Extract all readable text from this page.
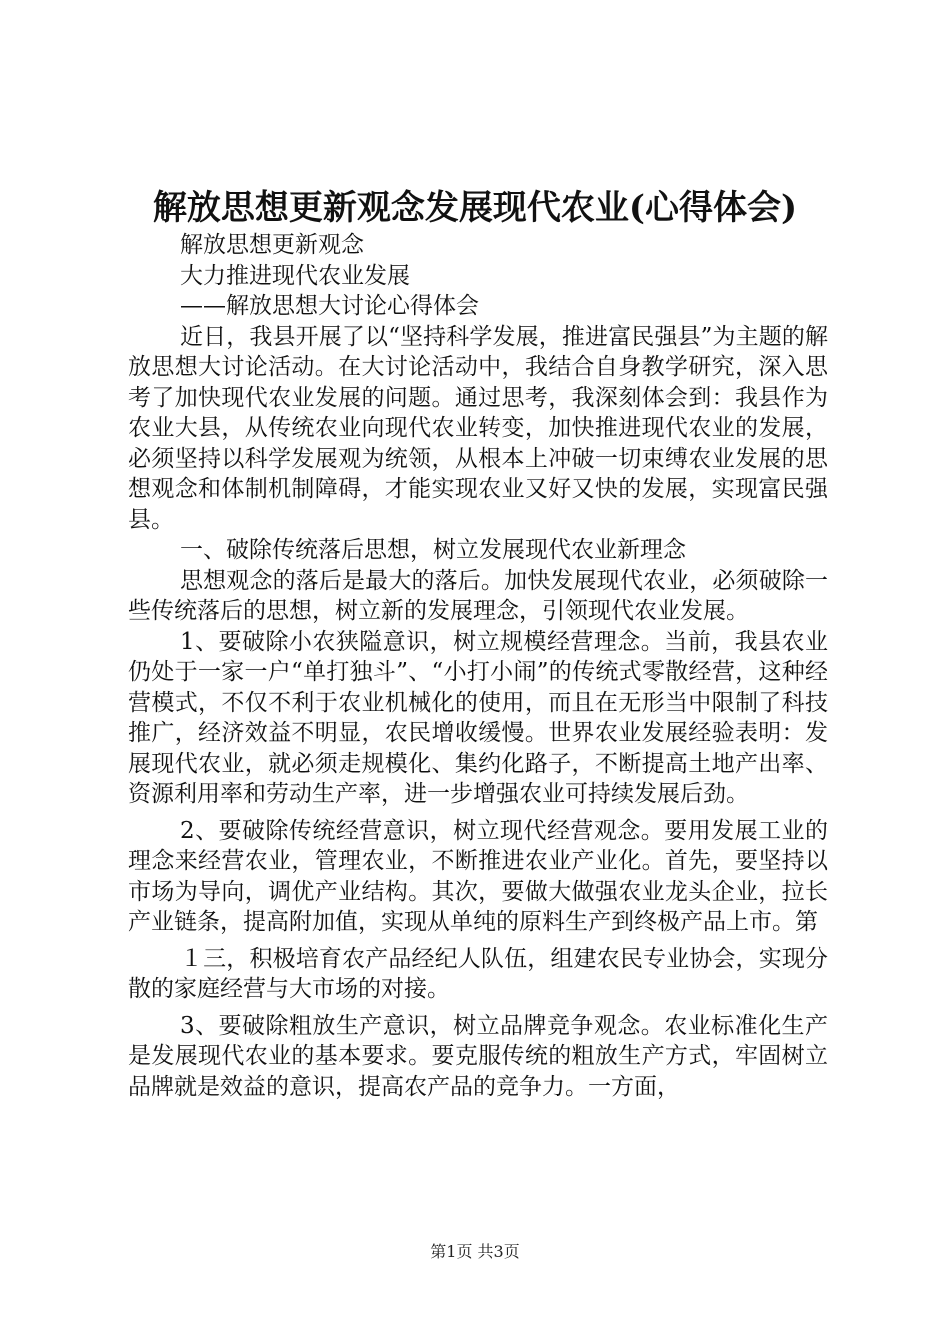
解放思想更新观念发展现代农业(心得体会)

解放思想更新观念

大力推进现代农业发展

——解放思想大讨论心得体会

近日，我县开展了以“坚持科学发展，推进富民强县”为主题的解放思想大讨论活动。在大讨论活动中，我结合自身教学研究，深入思考了加快现代农业发展的问题。通过思考，我深刻体会到：我县作为农业大县，从传统农业向现代农业转变，加快推进现代农业的发展，必须坚持以科学发展观为统领，从根本上冲破一切束缚农业发展的思想观念和体制机制障碍，才能实现农业又好又快的发展，实现富民强县。

一、破除传统落后思想，树立发展现代农业新理念

思想观念的落后是最大的落后。加快发展现代农业，必须破除一些传统落后的思想，树立新的发展理念，引领现代农业发展。

1、要破除小农狭隘意识，树立规模经营理念。当前，我县农业仍处于一家一户“单打独斗”、“小打小闹”的传统式零散经营，这种经营模式，不仅不利于农业机械化的使用，而且在无形当中限制了科技推广，经济效益不明显，农民增收缓慢。世界农业发展经验表明：发展现代农业，就必须走规模化、集约化路子，不断提高土地产出率、资源利用率和劳动生产率，进一步增强农业可持续发展后劲。

2、要破除传统经营意识，树立现代经营观念。要用发展工业的理念来经营农业，管理农业，不断推进农业产业化。首先，要坚持以市场为导向，调优产业结构。其次，要做大做强农业龙头企业，拉长产业链条，提高附加值，实现从单纯的原料生产到终极产品上市。第

１三，积极培育农产品经纪人队伍，组建农民专业协会，实现分散的家庭经营与大市场的对接。

3、要破除粗放生产意识，树立品牌竞争观念。农业标准化生产是发展现代农业的基本要求。要克服传统的粗放生产方式，牢固树立品牌就是效益的意识，提高农产品的竞争力。一方面，

第1页 共3页
